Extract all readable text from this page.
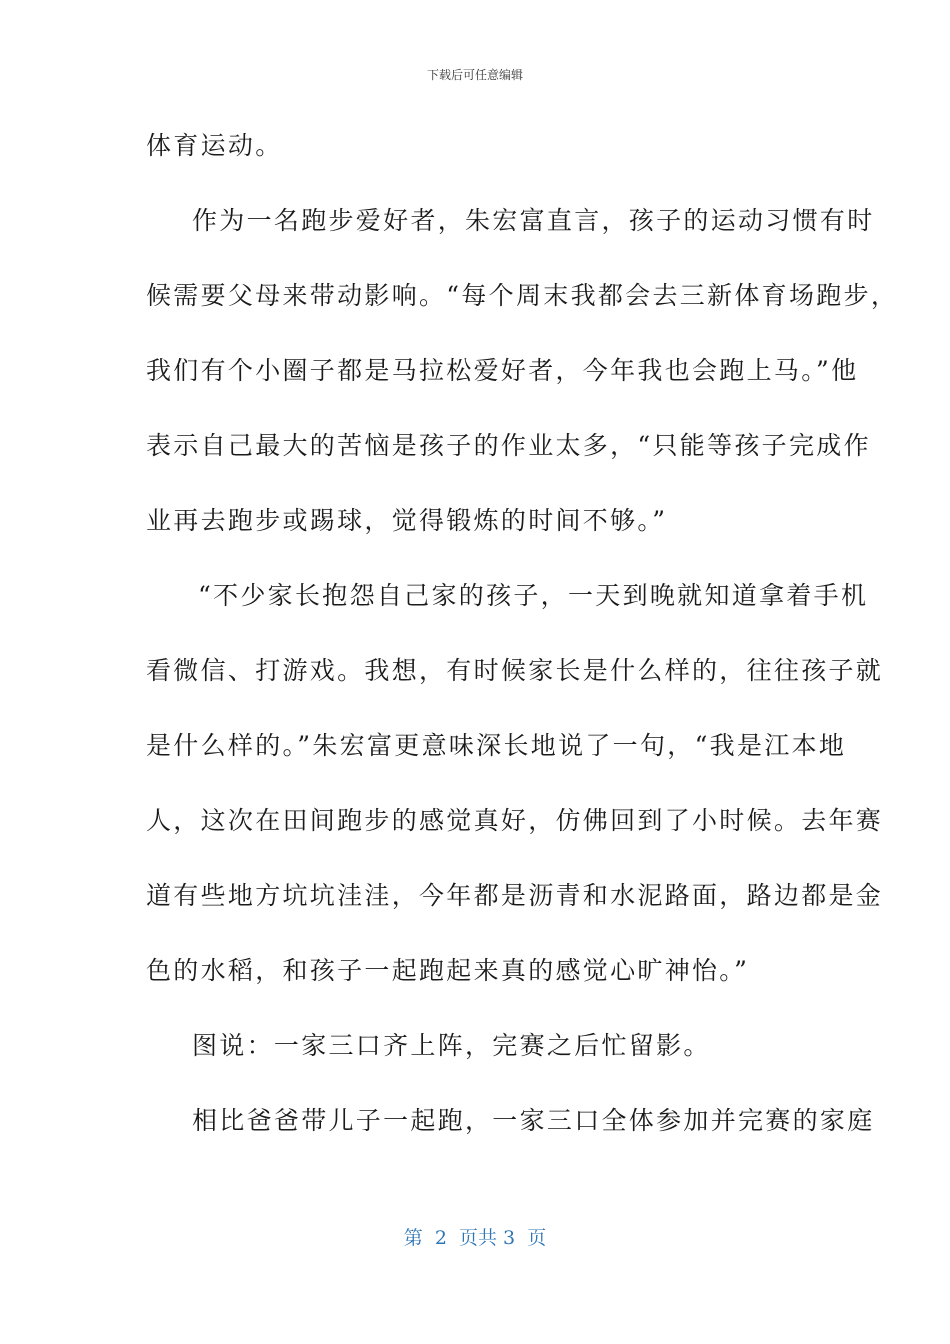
下载后可任意编辑
体育运动。
作为一名跑步爱好者，朱宏富直言，孩子的运动习惯有时
候需要父母来带动影响。“每个周末我都会去三新体育场跑步，
我们有个小圈子都是马拉松爱好者，今年我也会跑上马。”他
表示自己最大的苦恼是孩子的作业太多，“只能等孩子完成作
业再去跑步或踢球，觉得锻炼的时间不够。”
“不少家长抱怨自己家的孩子，一天到晚就知道拿着手机
看微信、打游戏。我想，有时候家长是什么样的，往往孩子就
是什么样的。”朱宏富更意味深长地说了一句，“我是江本地
人，这次在田间跑步的感觉真好，仿佛回到了小时候。去年赛
道有些地方坑坑洼洼，今年都是沥青和水泥路面，路边都是金
色的水稻，和孩子一起跑起来真的感觉心旷神怡。”
图说：一家三口齐上阵，完赛之后忙留影。
相比爸爸带儿子一起跑，一家三口全体参加并完赛的家庭
第  2  页共 3  页
